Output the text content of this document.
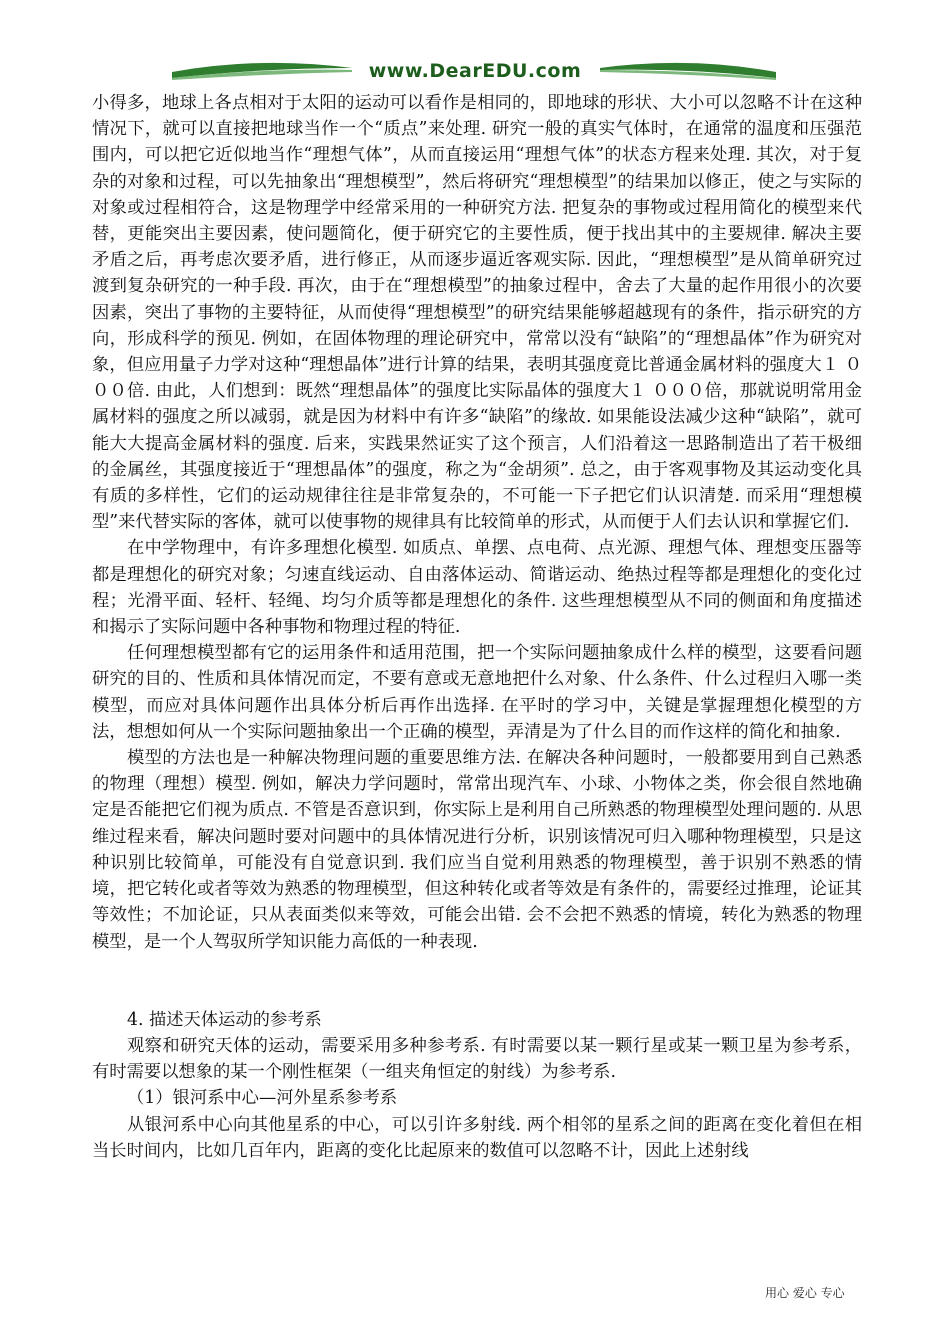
www.DearEDU.com

小得多，地球上各点相对于太阳的运动可以看作是相同的，即地球的形状、大小可以忽略不计在这种情况下，就可以直接把地球当作一个“质点”来处理. 研究一般的真实气体时，在通常的温度和压强范围内，可以把它近似地当作“理想气体”，从而直接运用“理想气体”的状态方程来处理. 其次，对于复杂的对象和过程，可以先抽象出“理想模型”，然后将研究“理想模型”的结果加以修正，使之与实际的对象或过程相符合，这是物理学中经常采用的一种研究方法. 把复杂的事物或过程用简化的模型来代替，更能突出主要因素，使问题简化，便于研究它的主要性质，便于找出其中的主要规律. 解决主要矛盾之后，再考虑次要矛盾，进行修正，从而逐步逼近客观实际. 因此，“理想模型”是从简单研究过渡到复杂研究的一种手段. 再次，由于在“理想模型”的抽象过程中，舍去了大量的起作用很小的次要因素，突出了事物的主要特征，从而使得“理想模型”的研究结果能够超越现有的条件，指示研究的方向，形成科学的预见. 例如，在固体物理的理论研究中，常常以没有“缺陷”的“理想晶体”作为研究对象，但应用量子力学对这种“理想晶体”进行计算的结果，表明其强度竟比普通金属材料的强度大１ ０００倍. 由此，人们想到：既然“理想晶体”的强度比实际晶体的强度大１ ０００倍，那就说明常用金属材料的强度之所以减弱，就是因为材料中有许多“缺陷”的缘故. 如果能设法减少这种“缺陷”，就可能大大提高金属材料的强度. 后来，实践果然证实了这个预言，人们沿着这一思路制造出了若干极细的金属丝，其强度接近于“理想晶体”的强度，称之为“金胡须”. 总之，由于客观事物及其运动变化具有质的多样性，它们的运动规律往往是非常复杂的，不可能一下子把它们认识清楚. 而采用“理想模型”来代替实际的客体，就可以使事物的规律具有比较简单的形式，从而便于人们去认识和掌握它们.

在中学物理中，有许多理想化模型. 如质点、单摆、点电荷、点光源、理想气体、理想变压器等都是理想化的研究对象；匀速直线运动、自由落体运动、简谐运动、绝热过程等都是理想化的变化过程；光滑平面、轻杆、轻绳、均匀介质等都是理想化的条件. 这些理想模型从不同的侧面和角度描述和揭示了实际问题中各种事物和物理过程的特征.

任何理想模型都有它的运用条件和适用范围，把一个实际问题抽象成什么样的模型，这要看问题研究的目的、性质和具体情况而定，不要有意或无意地把什么对象、什么条件、什么过程归入哪一类模型，而应对具体问题作出具体分析后再作出选择. 在平时的学习中，关键是掌握理想化模型的方法，想想如何从一个实际问题抽象出一个正确的模型，弄清是为了什么目的而作这样的简化和抽象.

模型的方法也是一种解决物理问题的重要思维方法. 在解决各种问题时，一般都要用到自己熟悉的物理（理想）模型. 例如，解决力学问题时，常常出现汽车、小球、小物体之类，你会很自然地确定是否能把它们视为质点. 不管是否意识到，你实际上是利用自己所熟悉的物理模型处理问题的. 从思维过程来看，解决问题时要对问题中的具体情况进行分析，识别该情况可归入哪种物理模型，只是这种识别比较简单，可能没有自觉意识到. 我们应当自觉利用熟悉的物理模型，善于识别不熟悉的情境，把它转化或者等效为熟悉的物理模型，但这种转化或者等效是有条件的，需要经过推理，论证其等效性；不加论证，只从表面类似来等效，可能会出错. 会不会把不熟悉的情境，转化为熟悉的物理模型，是一个人驾驭所学知识能力高低的一种表现.

4. 描述天体运动的参考系

观察和研究天体的运动，需要采用多种参考系. 有时需要以某一颗行星或某一颗卫星为参考系，有时需要以想象的某一个刚性框架（一组夹角恒定的射线）为参考系.

（1）银河系中心—河外星系参考系

从银河系中心向其他星系的中心，可以引许多射线. 两个相邻的星系之间的距离在变化着但在相当长时间内，比如几百年内，距离的变化比起原来的数值可以忽略不计，因此上述射线

用心 爱心 专心
